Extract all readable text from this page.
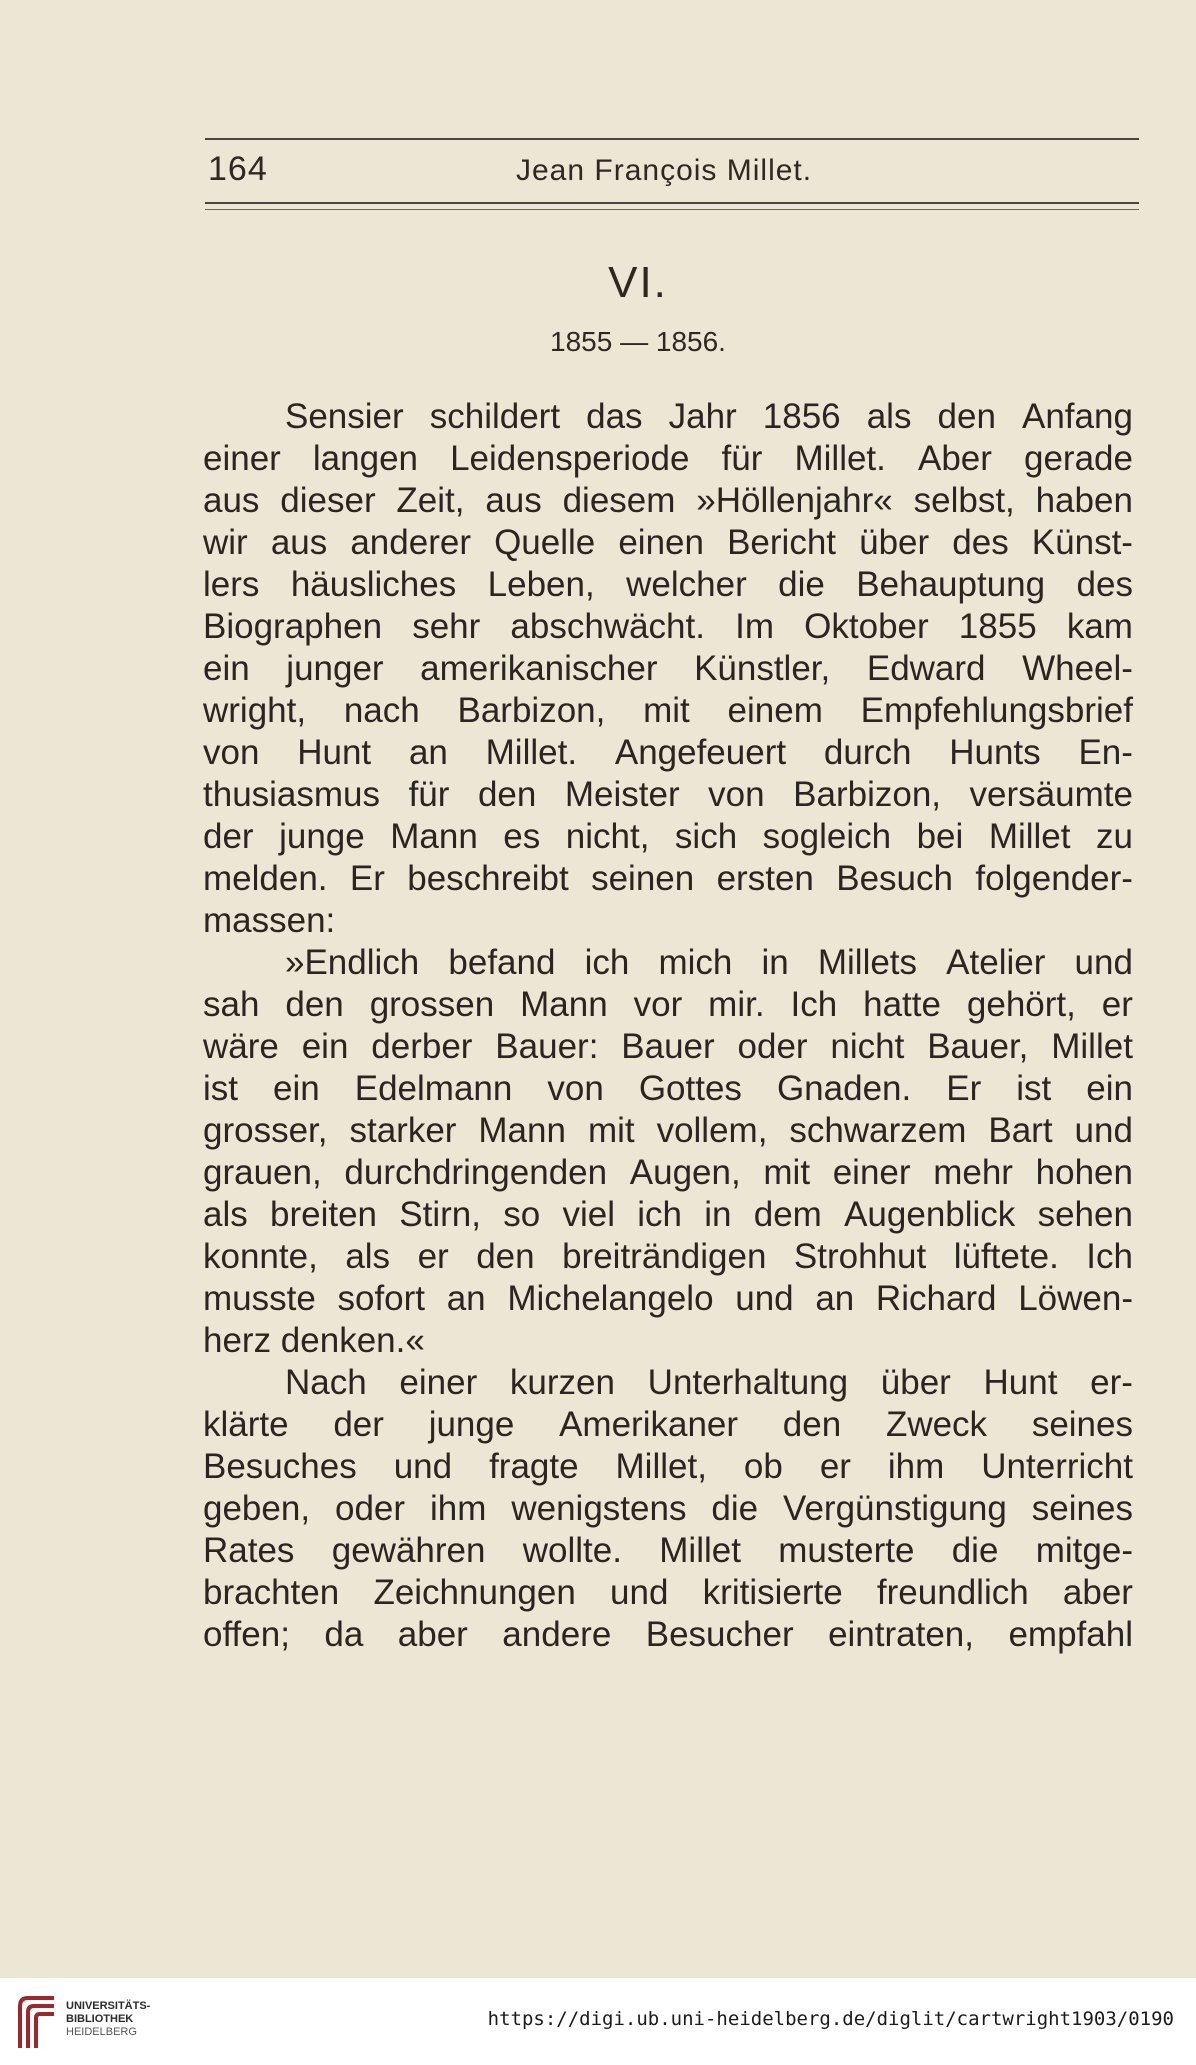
164	Jean François Millet.
VI.
1855 — 1856.
Sensier schildert das Jahr 1856 als den Anfang
einer langen Leidensperiode für Millet. Aber gerade
aus dieser Zeit, aus diesem »Höllenjahr« selbst, haben
wir aus anderer Quelle einen Bericht über des Künst-
lers häusliches Leben, welcher die Behauptung des
Biographen sehr abschwächt. Im Oktober 1855 kam
ein junger amerikanischer Künstler, Edward Wheel-
wright, nach Barbizon, mit einem Empfehlungsbrief
von Hunt an Millet. Angefeuert durch Hunts En-
thusiasmus für den Meister von Barbizon, versäumte
der junge Mann es nicht, sich sogleich bei Millet zu
melden. Er beschreibt seinen ersten Besuch folgender-
massen:
»Endlich befand ich mich in Millets Atelier und
sah den grossen Mann vor mir. Ich hatte gehört, er
wäre ein derber Bauer: Bauer oder nicht Bauer, Millet
ist ein Edelmann von Gottes Gnaden. Er ist ein
grosser, starker Mann mit vollem, schwarzem Bart und
grauen, durchdringenden Augen, mit einer mehr hohen
als breiten Stirn, so viel ich in dem Augenblick sehen
konnte, als er den breiträndigen Strohhut lüftete. Ich
musste sofort an Michelangelo und an Richard Löwen-
herz denken.«
Nach einer kurzen Unterhaltung über Hunt er-
klärte der junge Amerikaner den Zweck seines
Besuches und fragte Millet, ob er ihm Unterricht
geben, oder ihm wenigstens die Vergünstigung seines
Rates gewähren wollte. Millet musterte die mitge-
brachten Zeichnungen und kritisierte freundlich aber
offen; da aber andere Besucher eintraten, empfahl
UNIVERSITÄTS-
BIBLIOTHEK
HEIDELBERG
https://digi.ub.uni-heidelberg.de/diglit/cartwright1903/0190
